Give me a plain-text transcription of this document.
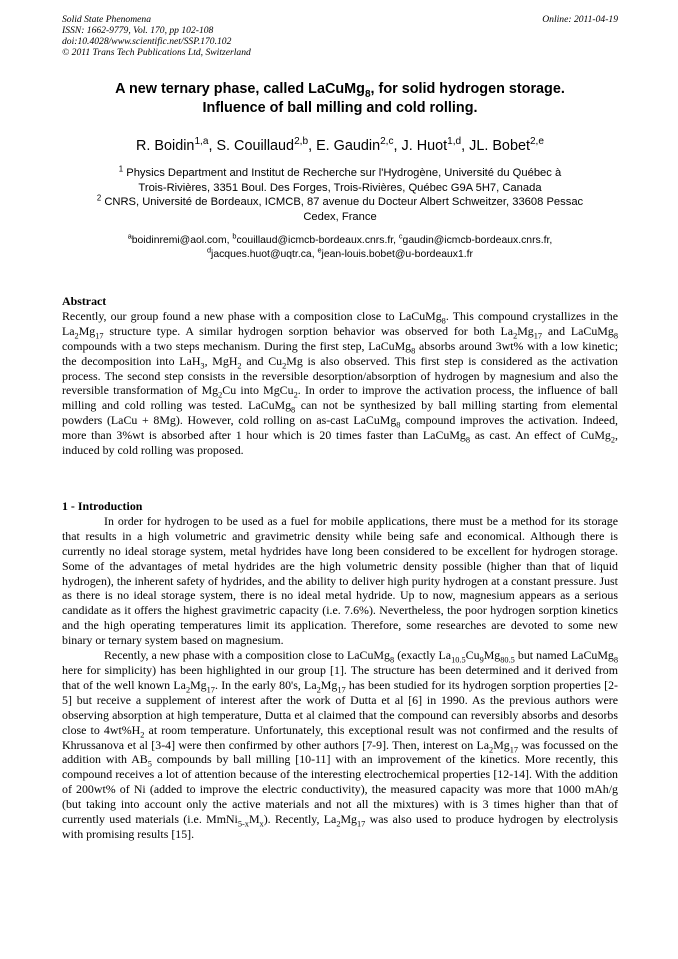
Solid State Phenomena
ISSN: 1662-9779, Vol. 170, pp 102-108
doi:10.4028/www.scientific.net/SSP.170.102
© 2011 Trans Tech Publications Ltd, Switzerland
Online: 2011-04-19
A new ternary phase, called LaCuMg$_8$, for solid hydrogen storage.
Influence of ball milling and cold rolling.
R. Boidin$^{1,a}$, S. Couillaud$^{2,b}$, E. Gaudin$^{2,c}$, J. Huot$^{1,d}$, JL. Bobet$^{2,e}$
$^1$ Physics Department and Institut de Recherche sur l'Hydrogène, Université du Québec à
Trois-Rivières, 3351 Boul. Des Forges, Trois-Rivières, Québec G9A 5H7, Canada
$^2$ CNRS, Université de Bordeaux, ICMCB, 87 avenue du Docteur Albert Schweitzer, 33608 Pessac
Cedex, France
$^a$boidinremi@aol.com, $^b$couillaud@icmcb-bordeaux.cnrs.fr, $^c$gaudin@icmcb-bordeaux.cnrs.fr,
$^d$jacques.huot@uqtr.ca, $^e$jean-louis.bobet@u-bordeaux1.fr
Abstract
Recently, our group found a new phase with a composition close to LaCuMg$_8$. This compound crystallizes in the $La_2Mg_{17}$ structure type. A similar hydrogen sorption behavior was observed for both $La_2Mg_{17}$ and LaCuMg$_8$ compounds with a two steps mechanism. During the first step, LaCuMg$_8$ absorbs around 3wt% with a low kinetic; the decomposition into LaH$_3$, MgH$_2$ and $Cu_2Mg$ is also observed. This first step is considered as the activation process. The second step consists in the reversible desorption/absorption of hydrogen by magnesium and also the reversible transformation of $Mg_2Cu$ into MgCu$_2$. In order to improve the activation process, the influence of ball milling and cold rolling was tested. LaCuMg$_8$ can not be synthesized by ball milling starting from elemental powders (LaCu + 8Mg). However, cold rolling on as-cast LaCuMg$_8$ compound improves the activation. Indeed, more than 3%wt is absorbed after 1 hour which is 20 times faster than LaCuMg$_8$ as cast. An effect of CuMg$_2$, induced by cold rolling was proposed.
1 - Introduction

In order for hydrogen to be used as a fuel for mobile applications, there must be a method for its storage that results in a high volumetric and gravimetric density while being safe and economical. Although there is currently no ideal storage system, metal hydrides have long been considered to be excellent for hydrogen storage. Some of the advantages of metal hydrides are the high volumetric density possible (higher than that of liquid hydrogen), the inherent safety of hydrides, and the ability to deliver high purity hydrogen at a constant pressure. Just as there is no ideal storage system, there is no ideal metal hydride. Up to now, magnesium appears as a serious candidate as it offers the highest gravimetric capacity (i.e. 7.6%). Nevertheless, the poor hydrogen sorption kinetics and the high operating temperatures limit its application. Therefore, some researches are devoted to some new binary or ternary system based on magnesium.

Recently, a new phase with a composition close to LaCuMg$_8$ (exactly $La_{10.5}Cu_9Mg_{80.5}$ but named LaCuMg$_8$ here for simplicity) has been highlighted in our group [1]. The structure has been determined and it derived from that of the well known $La_2Mg_{17}$. In the early 80's, $La_2Mg_{17}$ has been studied for its hydrogen sorption properties [2-5] but receive a supplement of interest after the work of Dutta et al [6] in 1990. As the previous authors were observing absorption at high temperature, Dutta et al claimed that the compound can reversibly absorbs and desorbs close to $4wt\%H_2$ at room temperature. Unfortunately, this exceptional result was not confirmed and the results of Khrussanova et al [3-4] were then confirmed by other authors [7-9]. Then, interest on $La_2Mg_{17}$ was focussed on the addition with $AB_5$ compounds by ball milling [10-11] with an improvement of the kinetics. More recently, this compound receives a lot of attention because of the interesting electrochemical properties [12-14]. With the addition of 200wt% of Ni (added to improve the electric conductivity), the measured capacity was more that 1000 mAh/g (but taking into account only the active materials and not all the mixtures) with is 3 times higher than that of currently used materials (i.e. $MmNi_{5-x}M_x$). Recently, $La_2Mg_{17}$ was also used to produce hydrogen by electrolysis with promising results [15].
